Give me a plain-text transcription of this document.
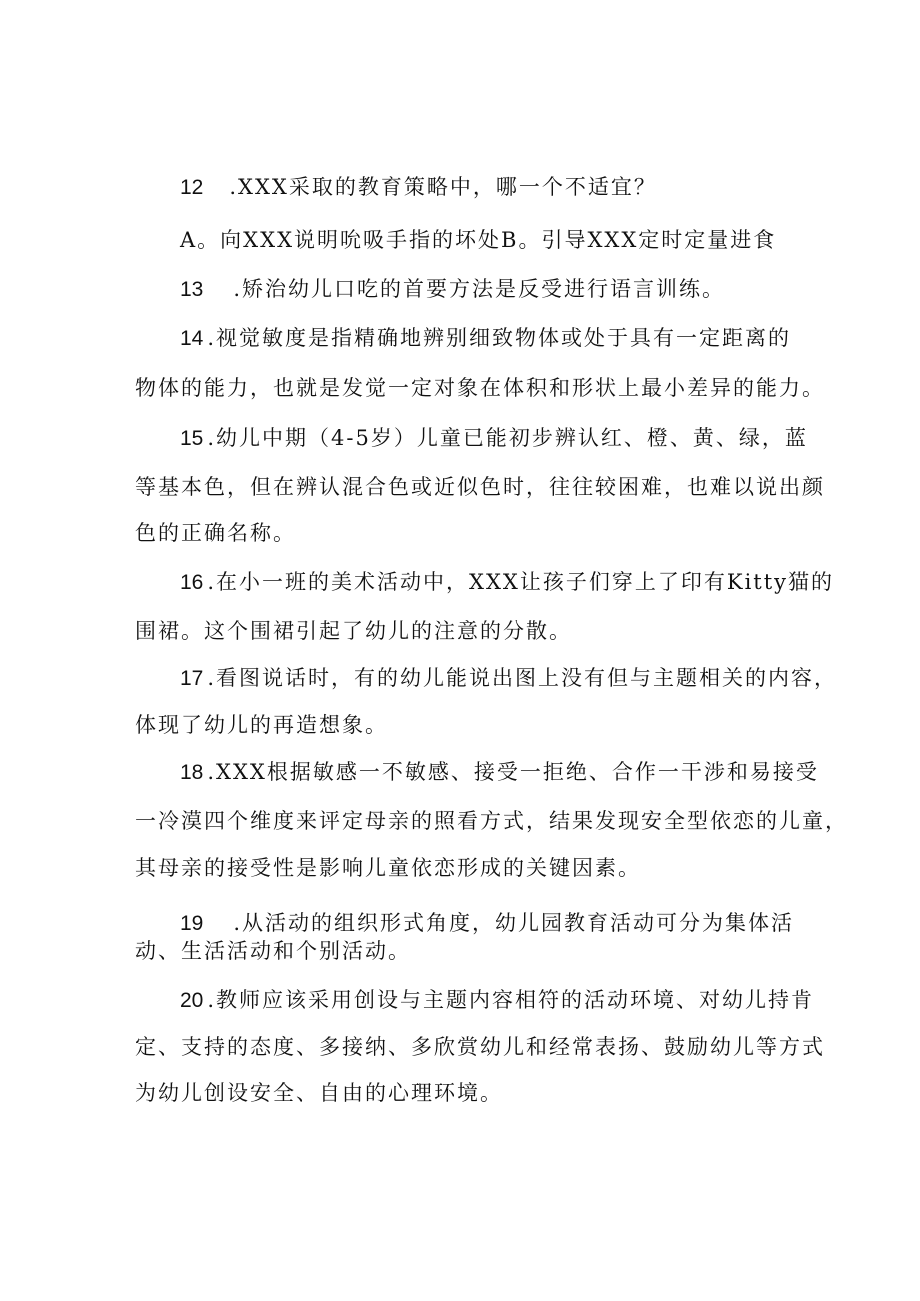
12 .XXX采取的教育策略中，哪一个不适宜？
A。向XXX说明吮吸手指的坏处B。引导XXX定时定量进食
13 .矫治幼儿口吃的首要方法是反受进行语言训练。
14 .视觉敏度是指精确地辨别细致物体或处于具有一定距离的
物体的能力，也就是发觉一定对象在体积和形状上最小差异的能力。
15 .幼儿中期（4-5岁）儿童已能初步辨认红、橙、黄、绿，蓝
等基本色，但在辨认混合色或近似色时，往往较困难，也难以说出颜
色的正确名称。
16 .在小一班的美术活动中，XXX让孩子们穿上了印有Kitty猫的
围裙。这个围裙引起了幼儿的注意的分散。
17 .看图说话时，有的幼儿能说出图上没有但与主题相关的内容，
体现了幼儿的再造想象。
18 .XXX根据敏感一不敏感、接受一拒绝、合作一干涉和易接受
一冷漠四个维度来评定母亲的照看方式，结果发现安全型依恋的儿童，
其母亲的接受性是影响儿童依恋形成的关键因素。
19 .从活动的组织形式角度，幼儿园教育活动可分为集体活
动、生活活动和个别活动。
20 .教师应该采用创设与主题内容相符的活动环境、对幼儿持肯
定、支持的态度、多接纳、多欣赏幼儿和经常表扬、鼓励幼儿等方式
为幼儿创设安全、自由的心理环境。
